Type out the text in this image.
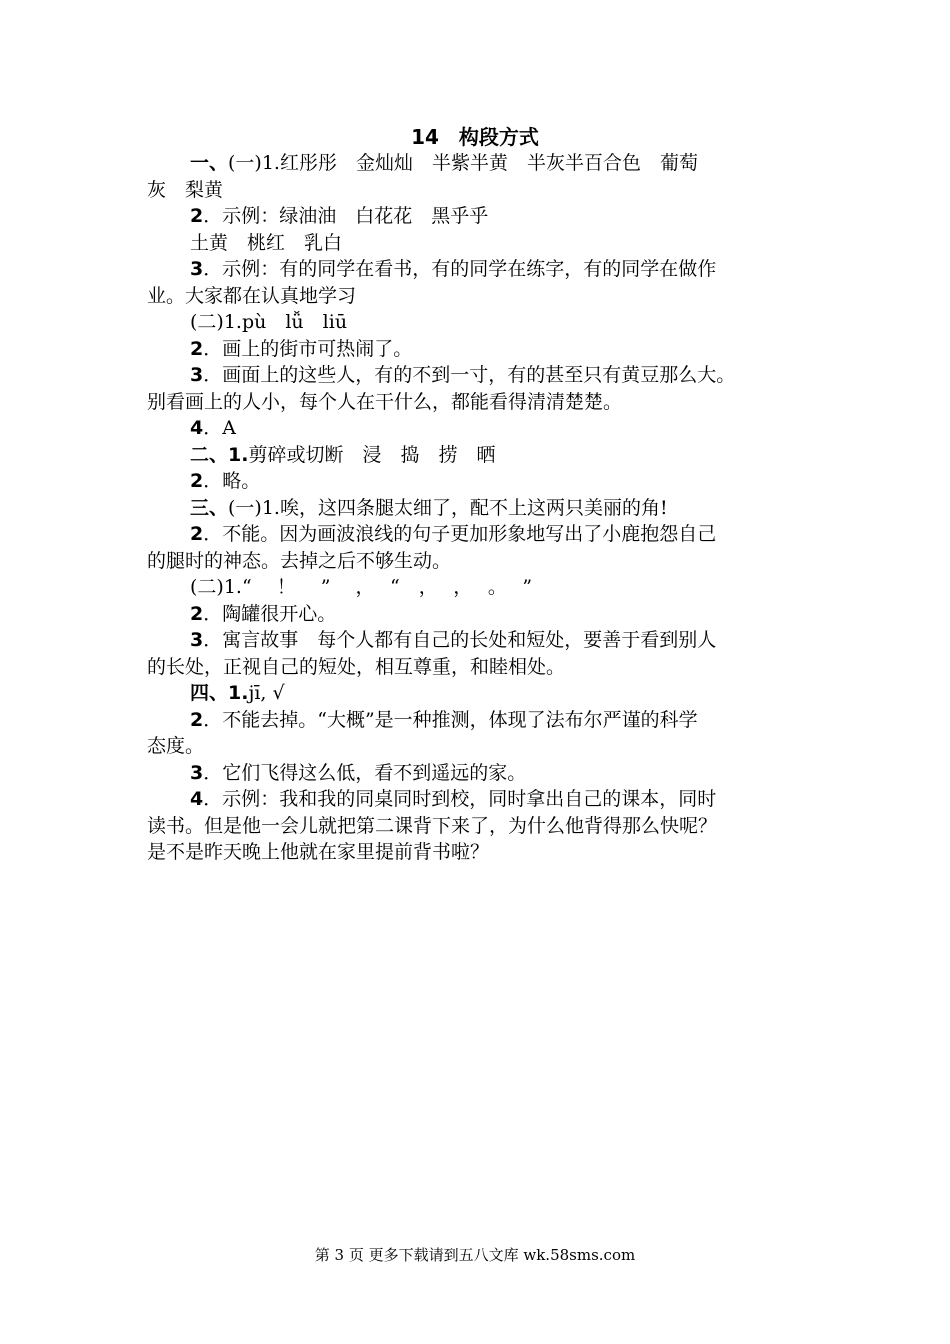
14　构段方式

一、(一)1.红彤彤　金灿灿　半紫半黄　半灰半百合色　葡萄

灰　梨黄

2．示例：绿油油　白花花　黑乎乎

土黄　桃红　乳白

3．示例：有的同学在看书，有的同学在练字，有的同学在做作

业。大家都在认真地学习

(二)1.pù　lǚ　liū

2．画上的街市可热闹了。

3．画面上的这些人，有的不到一寸，有的甚至只有黄豆那么大。

别看画上的人小，每个人在干什么，都能看得清清楚楚。

4．A

二、1.剪碎或切断　浸　捣　捞　晒

2．略。

三、(一)1.唉，这四条腿太细了，配不上这两只美丽的角!

2．不能。因为画波浪线的句子更加形象地写出了小鹿抱怨自己

的腿时的神态。去掉之后不够生动。

(二)1.“　 ！　 ”　 ，　 “　，　 ，　 。　 ”

2．陶罐很开心。

3．寓言故事　每个人都有自己的长处和短处，要善于看到别人

的长处，正视自己的短处，相互尊重，和睦相处。

四、1.jī, √

2．不能去掉。“大概”是一种推测，体现了法布尔严谨的科学

态度。

3．它们飞得这么低，看不到遥远的家。

4．示例：我和我的同桌同时到校，同时拿出自己的课本，同时

读书。但是他一会儿就把第二课背下来了，为什么他背得那么快呢？

是不是昨天晚上他就在家里提前背书啦？

第 3 页 更多下载请到五八文库 wk.58sms.com
